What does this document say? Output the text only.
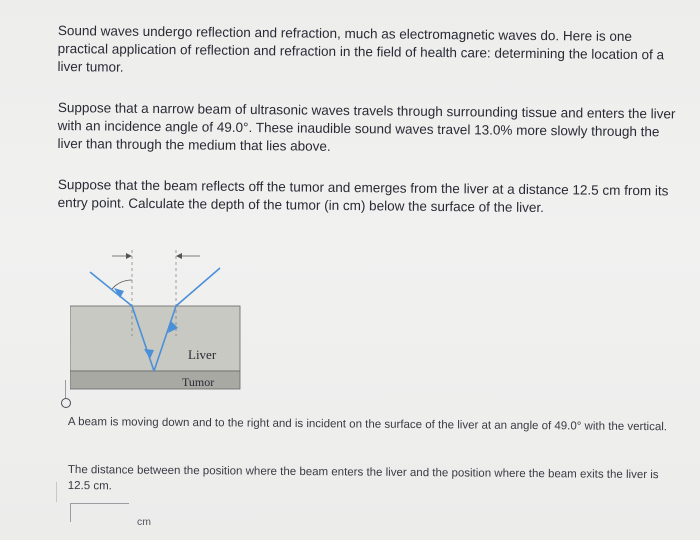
Sound waves undergo reflection and refraction, much as electromagnetic waves do. Here is one practical application of reflection and refraction in the field of health care: determining the location of a liver tumor.
Suppose that a narrow beam of ultrasonic waves travels through surrounding tissue and enters the liver with an incidence angle of 49.0°. These inaudible sound waves travel 13.0% more slowly through the liver than through the medium that lies above.
Suppose that the beam reflects off the tumor and emerges from the liver at a distance 12.5 cm from its entry point. Calculate the depth of the tumor (in cm) below the surface of the liver.
Liver
Tumor
A beam is moving down and to the right and is incident on the surface of the liver at an angle of 49.0° with the vertical.
The distance between the position where the beam enters the liver and the position where the beam exits the liver is 12.5 cm.
cm
